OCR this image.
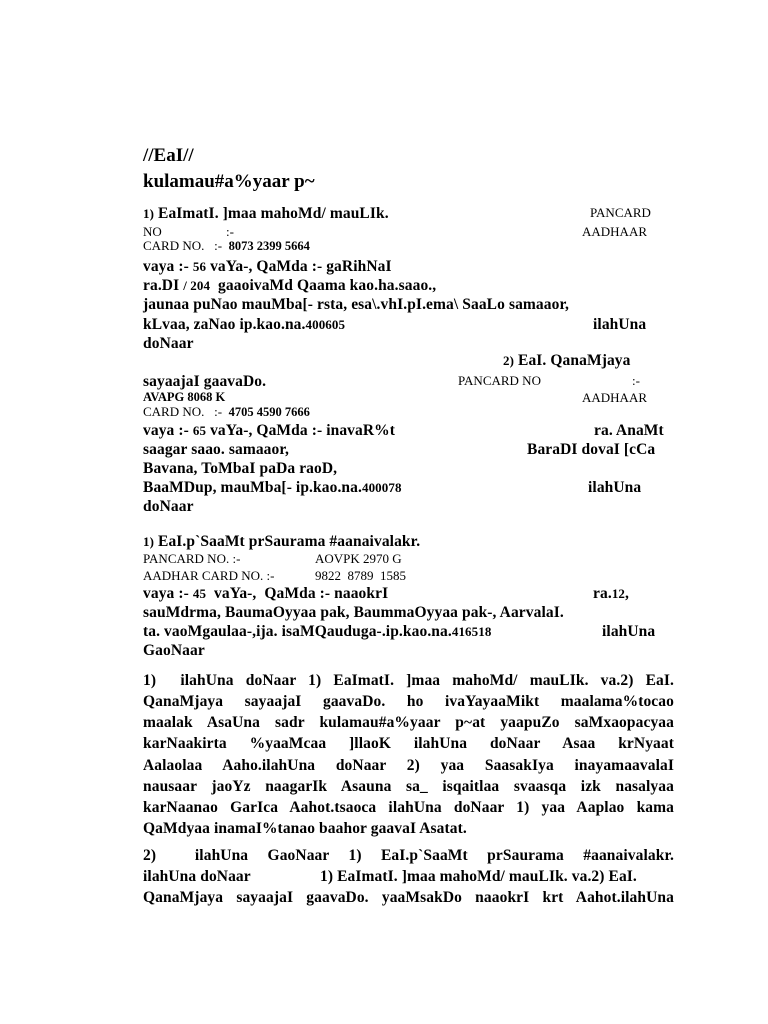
//EaI//
kulamau#a%yaar p~
1) EaImatI. ]maa mahoMd/ mauLIk.	PANCARD
NO	:-	AADHAAR
CARD NO. :- 8073 2399 5664
vaya :- 56 vaYa-, QaMda :- gaRihNaI
ra.DI / 204 gaaoivaMd Qaama kao.ha.saao.,
jaunaa puNao mauMba[- rsta, esa\.vhI.pI.ema\ SaaLo samaaor,
kLvaa, zaNao ip.kao.na.400605	ilahUna
doNaar
2) EaI. QanaMjaya
sayaajaI gaavaDo.	PANCARD NO	:-
AVAPG 8068 K	AADHAAR
CARD NO. :- 4705 4590 7666
vaya :- 65 vaYa-, QaMda :- inavaR%t	ra. AnaMt
saagar saao. samaaor,	BaraDI dovaI [cCa
Bavana, ToMbaI paDa raoD,
BaaMDup, mauMba[- ip.kao.na.400078	ilahUna
doNaar
1) EaI.p`SaaMt prSaurama #aanaivalakr.
PANCARD NO. :-	AOVPK 2970 G
AADHAR CARD NO. :-	9822  8789  1585
vaya :- 45 vaYa-,  QaMda :- naaokrI	ra.12,
sauMdrma, BaumaOyyaa pak, BaummaOyyaa pak-, AarvalaI.
ta. vaoMgaulaa-,ija. isaMQauduga-.ip.kao.na.416518	ilahUna
GaoNaar
1)  ilahUna doNaar 1) EaImatI. ]maa mahoMd/ mauLIk. va.2) EaI.
QanaMjaya sayaajaI gaavaDo. ho ivaYayaaMikt maalama%tocao
maalak AsaUna sadr kulamau#a%yaar p~at yaapuZo saMxaopacyaa
karNaakirta %yaaMcaa ]llaoK ilahUna doNaar Asaa krNyaat
Aalaolaa Aaho.ilahUna doNaar 2) yaa SaasakIya inayamaavalaI
nausaar jaoYz naagarIk Asauna sa_ isqaitlaa svaasqa izk nasalyaa
karNaanao GarIca Aahot.tsaoca ilahUna doNaar 1) yaa Aaplao kama
QaMdyaa inamaI%tanao baahor gaavaI Asatat.
2)  ilahUna GaoNaar 1) EaI.p`SaaMt prSaurama #aanaivalakr.
ilahUna doNaar	1) EaImatI. ]maa mahoMd/ mauLIk. va.2) EaI.
QanaMjaya sayaajaI gaavaDo. yaaMsakDo naaokrI krt Aahot.ilahUna
